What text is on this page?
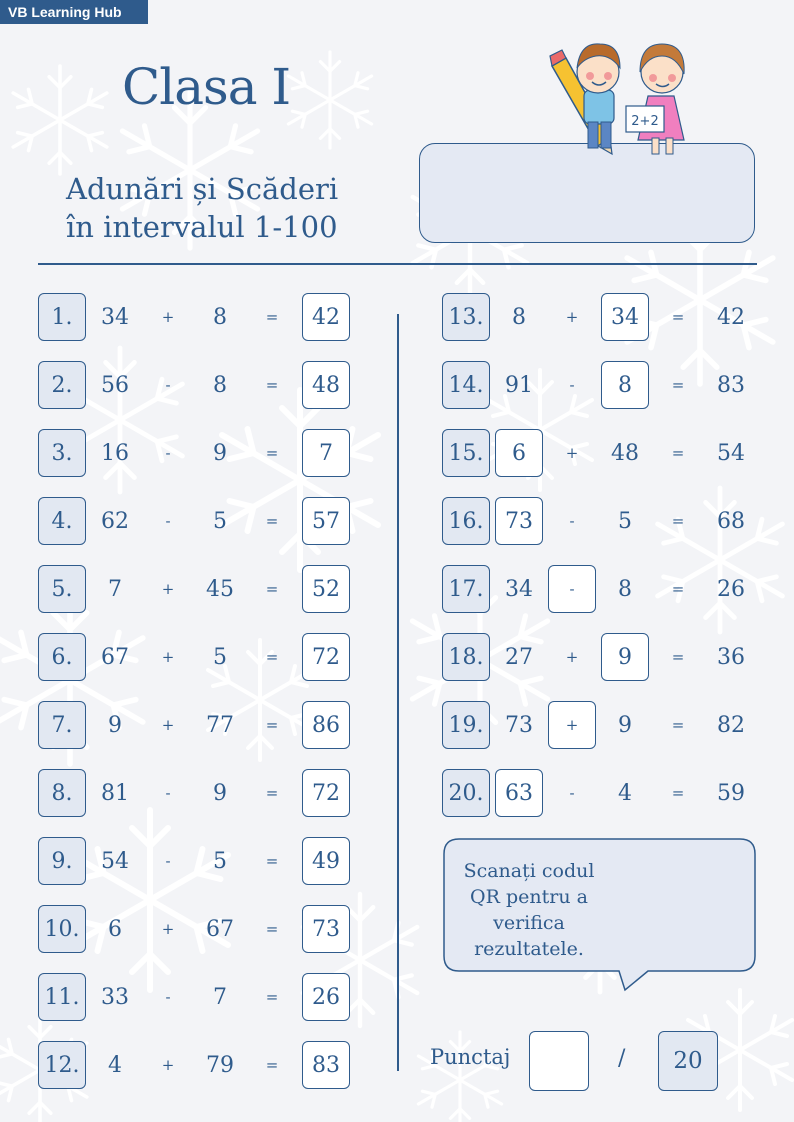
VB Learning Hub
Clasa I
Adunări și Scăderi
în intervalul 1-100
2+2
1.	34	+	8	=	42
2.	56	-	8	=	48
3.	16	-	9	=	7
4.	62	-	5	=	57
5.	7	+	45	=	52
6.	67	+	5	=	72
7.	9	+	77	=	86
8.	81	-	9	=	72
9.	54	-	5	=	49
10.	6	+	67	=	73
11. 33	-	7	=	26
12.	4	+	79	=	83
13.	8	+	34	=	42
14. 91	-	8	=	83
15.	6	+	48	=	54
16. 73	-	5	=	68
17. 34	-	8	=	26
18. 27	+	9	=	36
19. 73	+	9	=	82
20. 63	-	4	=	59
Scanați codul QR pentru a verifica rezultatele.
Punctaj	/	20
